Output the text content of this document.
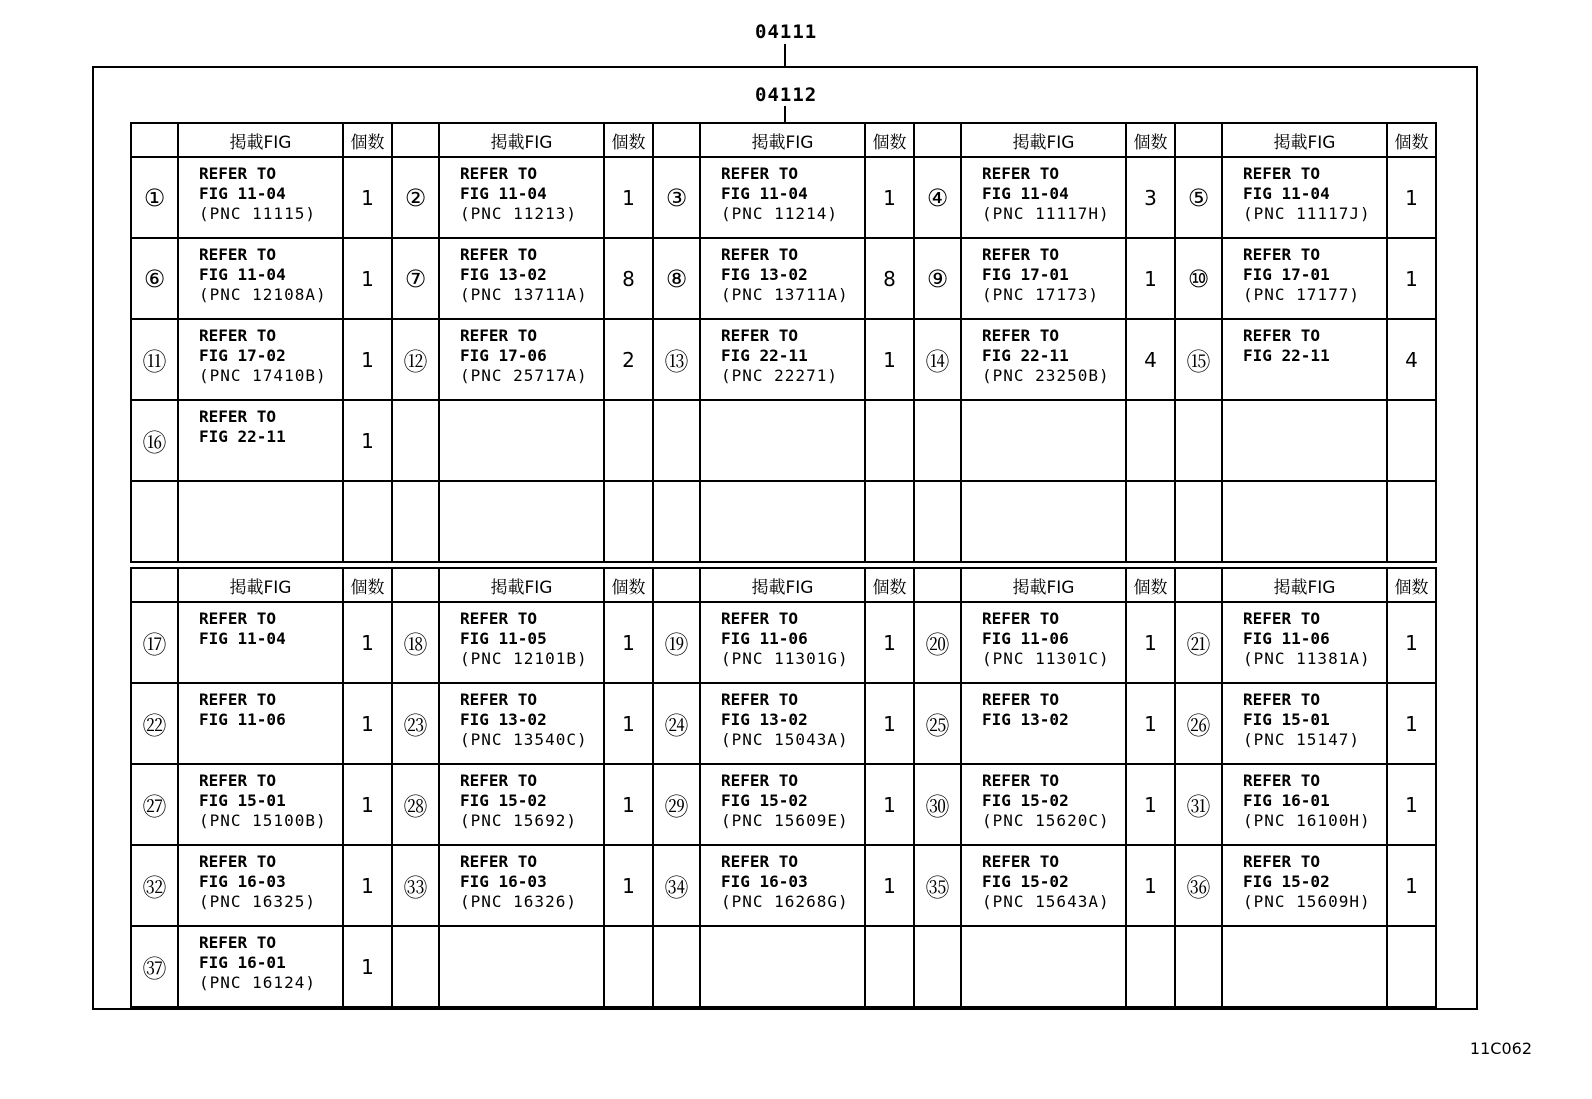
04111
04112
	掲載FIG	個数		掲載FIG	個数		掲載FIG	個数		掲載FIG	個数		掲載FIG	個数
①	REFER TO
FIG 11-04
(PNC 11115)	1	②	REFER TO
FIG 11-04
(PNC 11213)	1	③	REFER TO
FIG 11-04
(PNC 11214)	1	④	REFER TO
FIG 11-04
(PNC 11117H)	3	⑤	REFER TO
FIG 11-04
(PNC 11117J)	1
⑥	REFER TO
FIG 11-04
(PNC 12108A)	1	⑦	REFER TO
FIG 13-02
(PNC 13711A)	8	⑧	REFER TO
FIG 13-02
(PNC 13711A)	8	⑨	REFER TO
FIG 17-01
(PNC 17173)	1	⑩	REFER TO
FIG 17-01
(PNC 17177)	1
⑪	REFER TO
FIG 17-02
(PNC 17410B)	1	⑫	REFER TO
FIG 17-06
(PNC 25717A)	2	⑬	REFER TO
FIG 22-11
(PNC 22271)	1	⑭	REFER TO
FIG 22-11
(PNC 23250B)	4	⑮	REFER TO
FIG 22-11	4
⑯	REFER TO
FIG 22-11	1		

	掲載FIG	個数		掲載FIG	個数		掲載FIG	個数		掲載FIG	個数		掲載FIG	個数
⑰	REFER TO
FIG 11-04	1	⑱	REFER TO
FIG 11-05
(PNC 12101B)	1	⑲	REFER TO
FIG 11-06
(PNC 11301G)	1	⑳	REFER TO
FIG 11-06
(PNC 11301C)	1	㉑	REFER TO
FIG 11-06
(PNC 11381A)	1
㉒	REFER TO
FIG 11-06	1	㉓	REFER TO
FIG 13-02
(PNC 13540C)	1	㉔	REFER TO
FIG 13-02
(PNC 15043A)	1	㉕	REFER TO
FIG 13-02	1	㉖	REFER TO
FIG 15-01
(PNC 15147)	1
㉗	REFER TO
FIG 15-01
(PNC 15100B)	1	㉘	REFER TO
FIG 15-02
(PNC 15692)	1	㉙	REFER TO
FIG 15-02
(PNC 15609E)	1	㉚	REFER TO
FIG 15-02
(PNC 15620C)	1	㉛	REFER TO
FIG 16-01
(PNC 16100H)	1
㉜	REFER TO
FIG 16-03
(PNC 16325)	1	㉝	REFER TO
FIG 16-03
(PNC 16326)	1	㉞	REFER TO
FIG 16-03
(PNC 16268G)	1	㉟	REFER TO
FIG 15-02
(PNC 15643A)	1	㊱	REFER TO
FIG 15-02
(PNC 15609H)	1
㊲	REFER TO
FIG 16-01
(PNC 16124)	1		

11C062
